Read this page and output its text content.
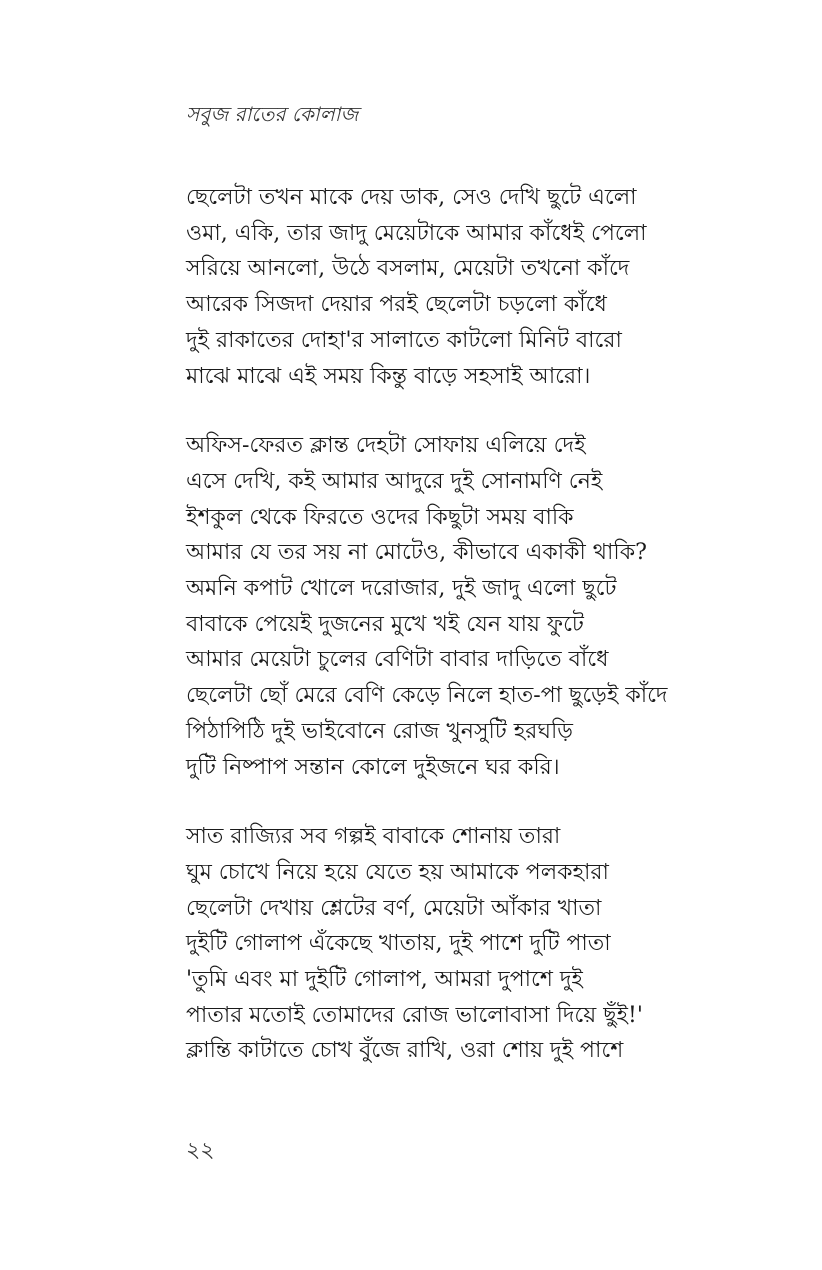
সবুজ রাতের কোলাজ
ছেলেটা তখন মাকে দেয় ডাক, সেও দেখি ছুটে এলো
ওমা, একি, তার জাদু মেয়েটাকে আমার কাঁধেই পেলো
সরিয়ে আনলো, উঠে বসলাম, মেয়েটা তখনো কাঁদে
আরেক সিজদা দেয়ার পরই ছেলেটা চড়লো কাঁধে
দুই রাকাতের দোহা'র সালাতে কাটলো মিনিট বারো
মাঝে মাঝে এই সময় কিন্তু বাড়ে সহসাই আরো।
অফিস-ফেরত ক্লান্ত দেহটা সোফায় এলিয়ে দেই
এসে দেখি, কই আমার আদুরে দুই সোনামণি নেই
ইশকুল থেকে ফিরতে ওদের কিছুটা সময় বাকি
আমার যে তর সয় না মোটেও, কীভাবে একাকী থাকি?
অমনি কপাট খোলে দরোজার, দুই জাদু এলো ছুটে
বাবাকে পেয়েই দুজনের মুখে খই যেন যায় ফুটে
আমার মেয়েটা চুলের বেণিটা বাবার দাড়িতে বাঁধে
ছেলেটা ছোঁ মেরে বেণি কেড়ে নিলে হাত-পা ছুড়েই কাঁদে
পিঠাপিঠি দুই ভাইবোনে রোজ খুনসুটি হরঘড়ি
দুটি নিষ্পাপ সন্তান কোলে দুইজনে ঘর করি।
সাত রাজ্যির সব গল্পই বাবাকে শোনায় তারা
ঘুম চোখে নিয়ে হয়ে যেতে হয় আমাকে পলকহারা
ছেলেটা দেখায় শ্লেটের বর্ণ, মেয়েটা আঁকার খাতা
দুইটি গোলাপ এঁকেছে খাতায়, দুই পাশে দুটি পাতা
'তুমি এবং মা দুইটি গোলাপ, আমরা দুপাশে দুই
পাতার মতোই তোমাদের রোজ ভালোবাসা দিয়ে ছুঁই!'
ক্লান্তি কাটাতে চোখ বুঁজে রাখি, ওরা শোয় দুই পাশে
২২
